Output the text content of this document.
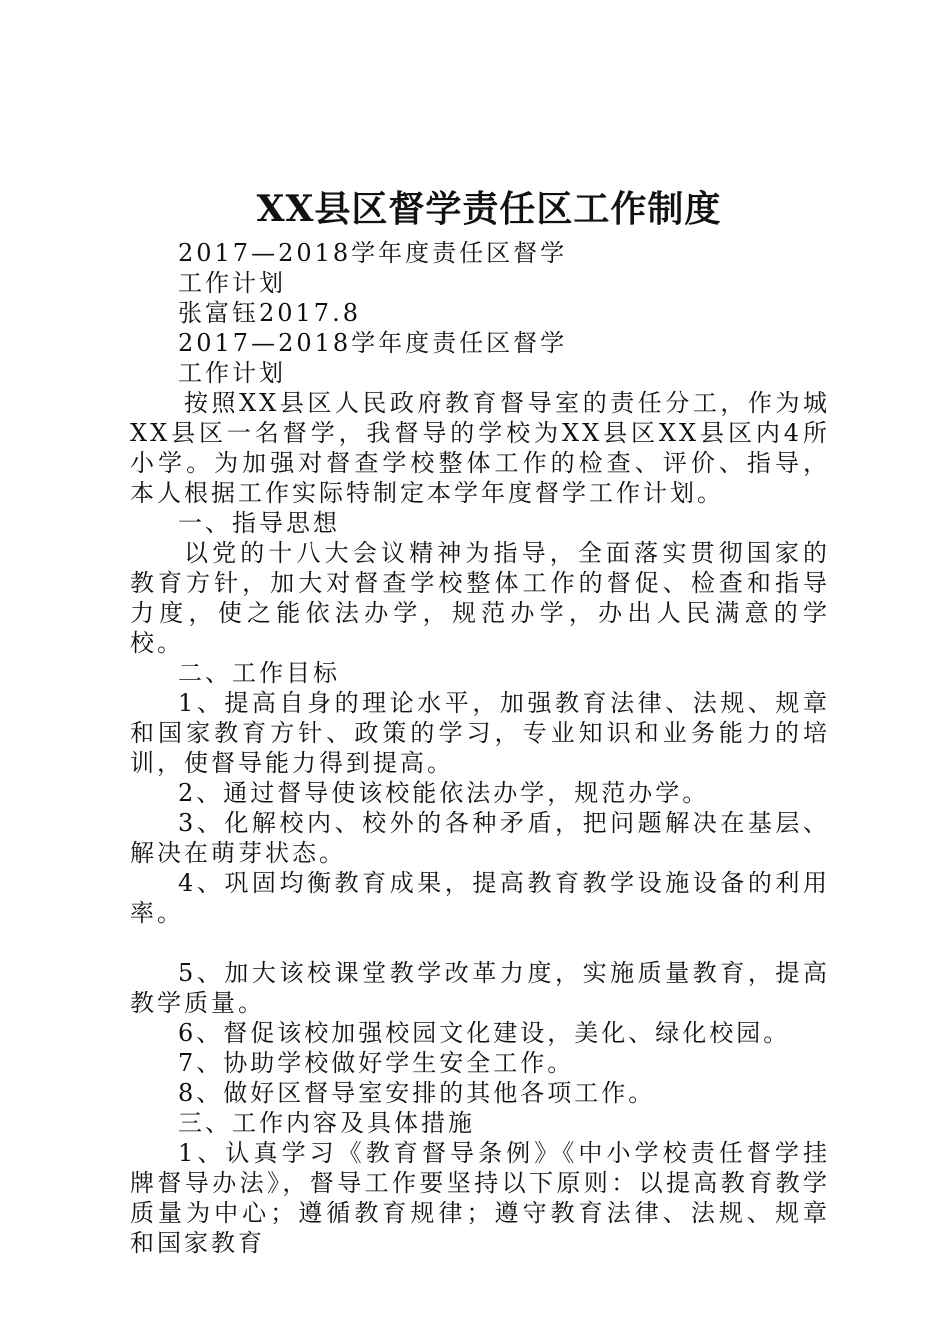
XX县区督学责任区工作制度

2017—2018学年度责任区督学

工作计划

张富钰2017.8

2017—2018学年度责任区督学

工作计划

按照XX县区人民政府教育督导室的责任分工，作为城XX县区一名督学，我督导的学校为XX县区XX县区内4所小学。为加强对督查学校整体工作的检查、评价、指导，本人根据工作实际特制定本学年度督学工作计划。

一、指导思想

以党的十八大会议精神为指导，全面落实贯彻国家的教育方针，加大对督查学校整体工作的督促、检查和指导力度，使之能依法办学，规范办学，办出人民满意的学校。

二、工作目标

1、提高自身的理论水平，加强教育法律、法规、规章和国家教育方针、政策的学习，专业知识和业务能力的培训，使督导能力得到提高。

2、通过督导使该校能依法办学，规范办学。

3、化解校内、校外的各种矛盾，把问题解决在基层、解决在萌芽状态。

4、巩固均衡教育成果，提高教育教学设施设备的利用率。

5、加大该校课堂教学改革力度，实施质量教育，提高教学质量。

6、督促该校加强校园文化建设，美化、绿化校园。

7、协助学校做好学生安全工作。

8、做好区督导室安排的其他各项工作。

三、工作内容及具体措施

1、认真学习《教育督导条例》《中小学校责任督学挂牌督导办法》，督导工作要坚持以下原则：以提高教育教学质量为中心；遵循教育规律；遵守教育法律、法规、规章和国家教育
